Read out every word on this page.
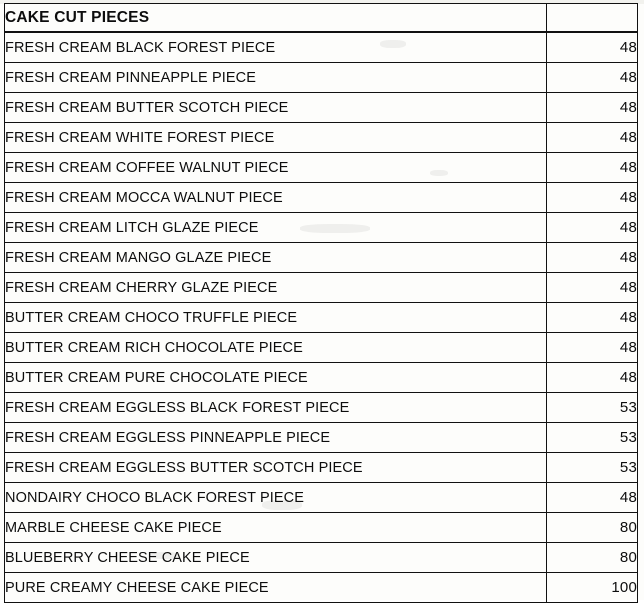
CAKE CUT PIECES	
FRESH CREAM BLACK FOREST PIECE	48
FRESH CREAM PINNEAPPLE PIECE	48
FRESH CREAM BUTTER SCOTCH PIECE	48
FRESH CREAM WHITE FOREST PIECE	48
FRESH CREAM COFFEE WALNUT PIECE	48
FRESH CREAM MOCCA WALNUT PIECE	48
FRESH CREAM LITCH GLAZE PIECE	48
FRESH CREAM MANGO GLAZE PIECE	48
FRESH CREAM CHERRY GLAZE PIECE	48
BUTTER CREAM CHOCO TRUFFLE PIECE	48
BUTTER CREAM RICH CHOCOLATE PIECE	48
BUTTER CREAM PURE CHOCOLATE PIECE	48
FRESH CREAM EGGLESS BLACK FOREST PIECE	53
FRESH CREAM EGGLESS PINNEAPPLE PIECE	53
FRESH CREAM EGGLESS BUTTER SCOTCH PIECE	53
NONDAIRY CHOCO BLACK FOREST PIECE	48
MARBLE CHEESE CAKE PIECE	80
BLUEBERRY CHEESE CAKE PIECE	80
PURE CREAMY CHEESE CAKE PIECE	100
